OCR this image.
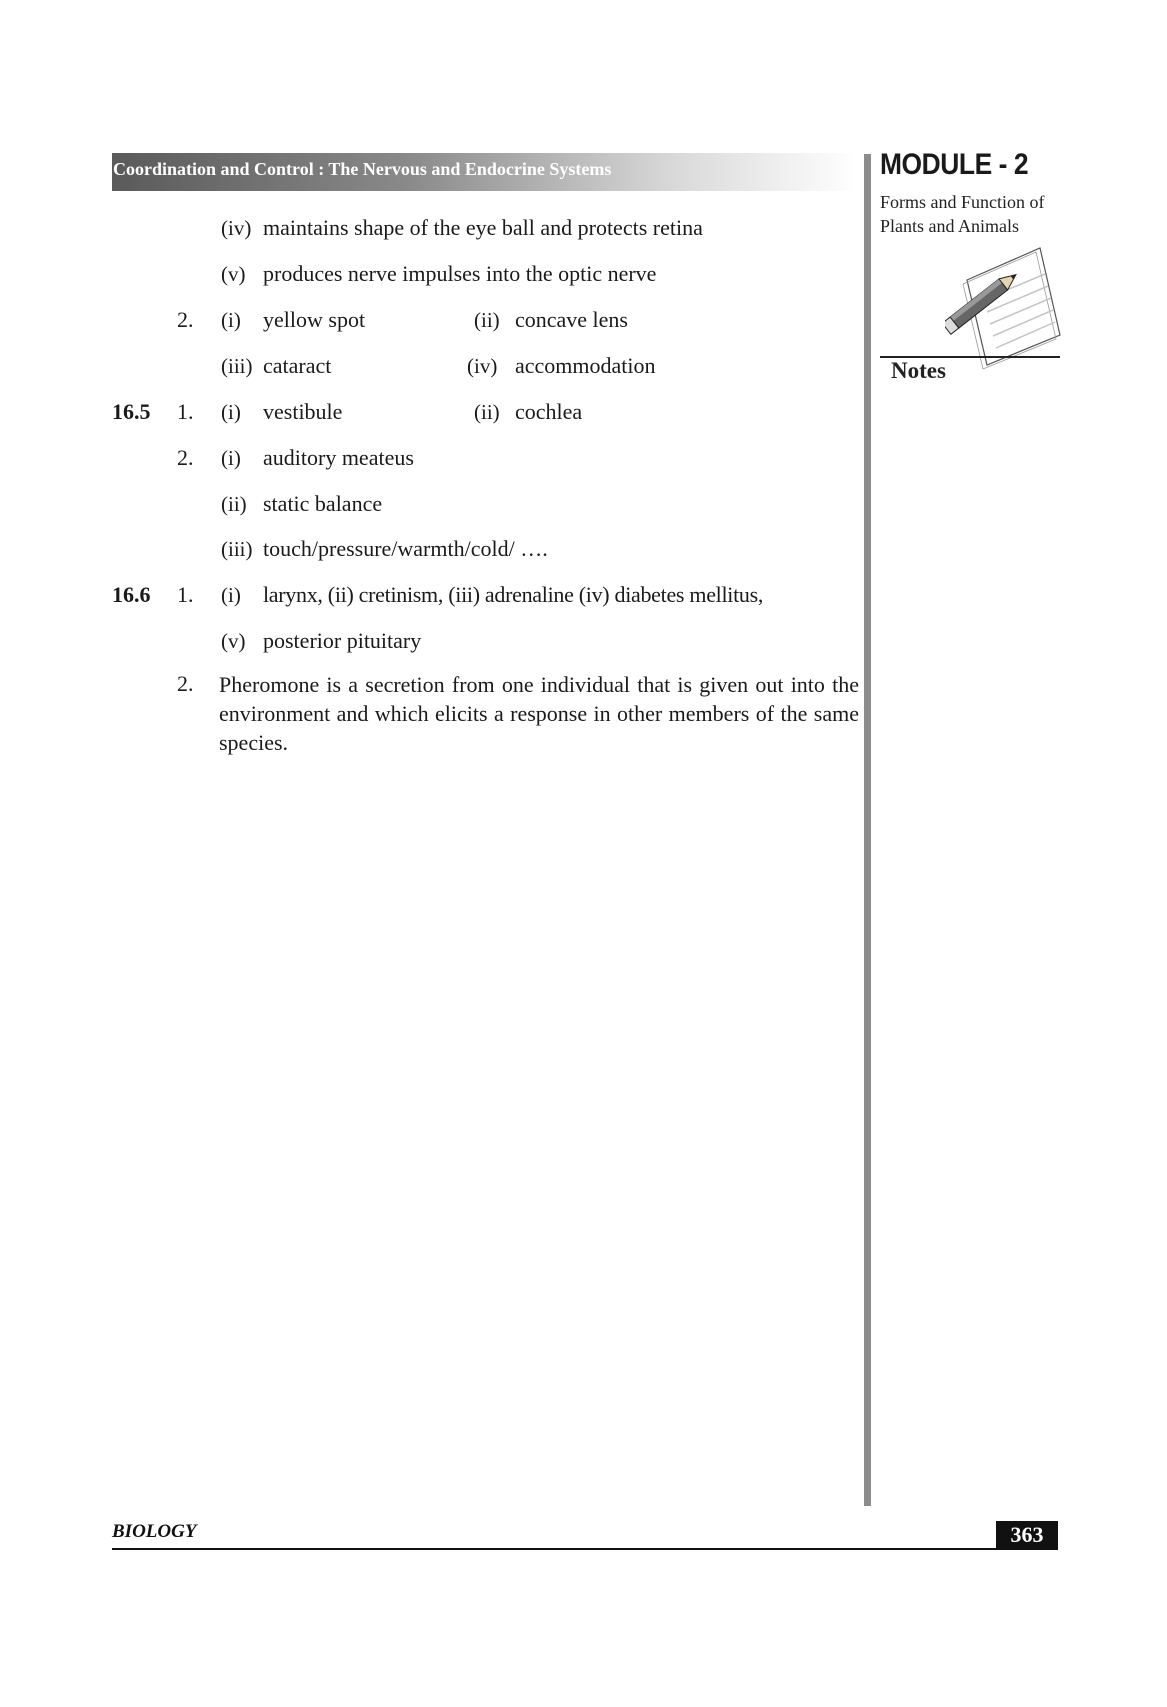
Coordination and Control : The Nervous and Endocrine Systems	MODULE - 2
Forms and Function of
Plants and Animals
Notes
(iv) maintains shape of the eye ball and protects retina
(v) produces nerve impulses into the optic nerve
2. (i) yellow spot	(ii) concave lens
(iii) cataract	(iv) accommodation
16.5 1. (i) vestibule	(ii) cochlea
2. (i) auditory meateus
(ii) static balance
(iii) touch/pressure/warmth/cold/ ….
16.6 1. (i) larynx, (ii) cretinism, (iii) adrenaline (iv) diabetes mellitus,
(v) posterior pituitary
2. Pheromone is a secretion from one individual that is given out into the environment and which elicits a response in other members of the same species.
BIOLOGY	363
